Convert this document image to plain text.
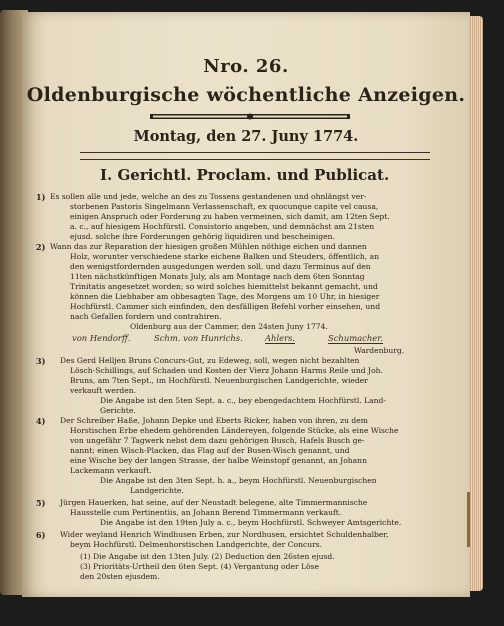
Nro. 26.
Oldenburgische wöchentliche Anzeigen.
Montag, den 27. Juny 1774.
I. Gerichtl. Proclam. und Publicat.
1) Es sollen alle und jede, welche an des zu Tossens gestandenen und ohnlängst ver-
storbenen Pastoris Singelmann Verlassenschaft, ex quocunque capite vel causa,
einigen Anspruch oder Forderung zu haben vermeinen, sich damit, am 12ten Sept.
a. c., auf hiesigem Hochfürstl. Consistorio angeben, und demnächst am 21sten
ejusd. solche ihre Forderungen gehörig liquidiren und bescheinigen.
2) Wann das zur Reparation der hiesigen großen Mühlen nöthige eichen und dannen
Holz, worunter verschiedene starke eichene Balken und Steuders, öffentlich, an
den wenigstfordernden ausgedungen werden soll, und dazu Terminus auf den
11ten nächstkünftigen Monats July, als am Montage nach dem 6ten Sonntag
Trinitatis angesetzet worden; so wird solches hiemittelst bekannt gemacht, und
können die Liebhaber am obbesagten Tage, des Morgens um 10 Uhr, in hiesiger
Hochfürstl. Cammer sich einfinden, den desfälligen Befehl vorher einsehen, und
nach Gefallen fordern und contrahiren.
Oldenburg aus der Cammer, den 24sten Juny 1774.
von Hendorff.	Schm. von Hunrichs.	Ahlers.	Schumacher.
Wardenburg.
3) Des Gerd Helljen Bruns Concurs-Gut, zu Edeweg, soll, wegen nicht bezahlten
Lösch-Schillings, auf Schaden und Kosten der Vierz Johann Harms Reile und Joh.
Bruns, am 7ten Sept., im Hochfürstl. Neuenburgischen Landgerichte, wieder
verkauft werden.
Die Angabe ist den 5ten Sept. a. c., bey ebengedachtem Hochfürstl. Land-
Gerichte.
4) Der Schreiber Haße, Johann Depke und Eberts Ricker, haben von ihren, zu dem
Horstischen Erbe ehedem gehörenden Ländereyen, folgende Stücke, als eine Wische
von ungefähr 7 Tagwerk nebst dem dazu gehörigen Busch, Hafels Busch ge-
nannt; einen Wisch-Placken, das Flag auf der Busen-Wisch genannt, und
eine Wische bey der langen Strasse, der halbe Weinstopf genannt, an Johann
Lackemann verkauft.
Die Angabe ist den 3ten Sept. h. a., beym Hochfürstl. Neuenburgischen
Landgerichte.
5) Jürgen Hauerken, hat seine, auf der Neustadt belegene, alte Timmermannische
Hausstelle cum Pertinentiis, an Johann Berend Timmermann verkauft.
Die Angabe ist den 19ten July a. c., beym Hochfürstl. Schweyer Amtsgerichte.
6) Wider weyland Henrich Windhusen Erben, zur Nordhusen, ersichtet Schuldenhalber,
beym Hochfürstl. Delmenhorstischen Landgerichte, der Concurs.
(1) Die Angabe ist den 13ten July. (2) Deduction den 26sten ejusd.
(3) Prioritäts-Urtheil den 6ten Sept. (4) Vergantung oder Löse
den 20sten ejusdem.
